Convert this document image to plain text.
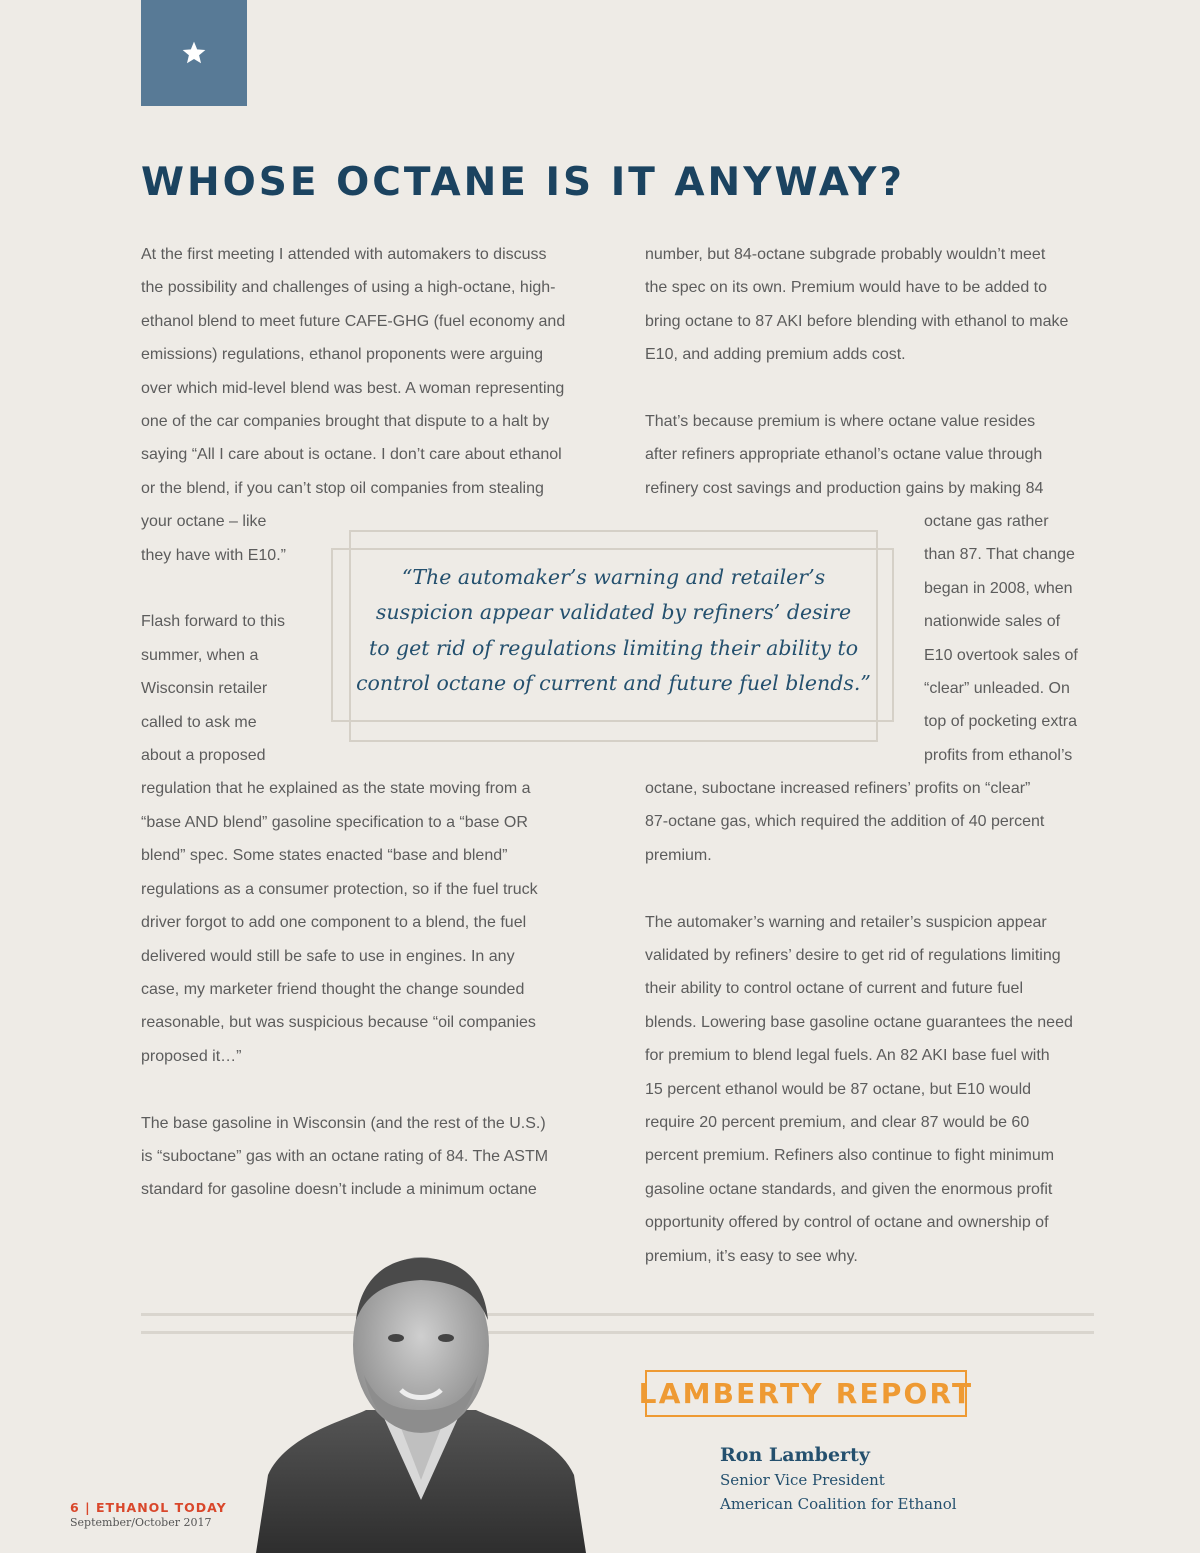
WHOSE OCTANE IS IT ANYWAY?
At the first meeting I attended with automakers to discuss
the possibility and challenges of using a high-octane, high-
ethanol blend to meet future CAFE-GHG (fuel economy and
emissions) regulations, ethanol proponents were arguing
over which mid-level blend was best. A woman representing
one of the car companies brought that dispute to a halt by
saying “All I care about is octane. I don’t care about ethanol
or the blend, if you can’t stop oil companies from stealing
your octane – like
they have with E10.”
Flash forward to this
summer, when a
Wisconsin retailer
called to ask me
about a proposed
regulation that he explained as the state moving from a
“base AND blend” gasoline specification to a “base OR
blend” spec. Some states enacted “base and blend”
regulations as a consumer protection, so if the fuel truck
driver forgot to add one component to a blend, the fuel
delivered would still be safe to use in engines. In any
case, my marketer friend thought the change sounded
reasonable, but was suspicious because “oil companies
proposed it…”
The base gasoline in Wisconsin (and the rest of the U.S.)
is “suboctane” gas with an octane rating of 84. The ASTM
standard for gasoline doesn’t include a minimum octane
number, but 84-octane subgrade probably wouldn’t meet
the spec on its own. Premium would have to be added to
bring octane to 87 AKI before blending with ethanol to make
E10, and adding premium adds cost.
That’s because premium is where octane value resides
after refiners appropriate ethanol’s octane value through
refinery cost savings and production gains by making 84
octane gas rather
than 87. That change
began in 2008, when
nationwide sales of
E10 overtook sales of
“clear” unleaded. On
top of pocketing extra
profits from ethanol’s
octane, suboctane increased refiners’ profits on “clear”
87-octane gas, which required the addition of 40 percent
premium.
The automaker’s warning and retailer’s suspicion appear
validated by refiners’ desire to get rid of regulations limiting
their ability to control octane of current and future fuel
blends. Lowering base gasoline octane guarantees the need
for premium to blend legal fuels. An 82 AKI base fuel with
15 percent ethanol would be 87 octane, but E10 would
require 20 percent premium, and clear 87 would be 60
percent premium. Refiners also continue to fight minimum
gasoline octane standards, and given the enormous profit
opportunity offered by control of octane and ownership of
premium, it’s easy to see why.
“The automaker’s warning and retailer’s
suspicion appear validated by refiners’ desire
to get rid of regulations limiting their ability to
control octane of current and future fuel blends.”
LAMBERTY REPORT
Ron Lamberty
Senior Vice President
American Coalition for Ethanol
6 | ETHANOL TODAY
September/October 2017
